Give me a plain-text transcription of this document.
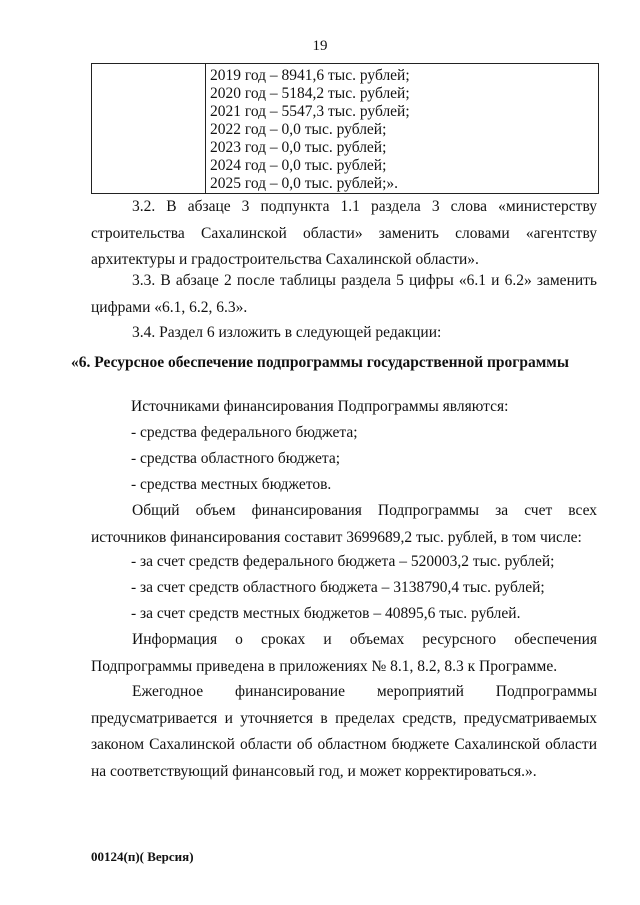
19

2019 год – 8941,6 тыс. рублей;
2020 год – 5184,2 тыс. рублей;
2021 год – 5547,3 тыс. рублей;
2022 год – 0,0 тыс. рублей;
2023 год – 0,0 тыс. рублей;
2024 год – 0,0 тыс. рублей;
2025 год – 0,0 тыс. рублей;».

3.2. В абзаце 3 подпункта 1.1 раздела 3 слова «министерству строительства Сахалинской области» заменить словами «агентству архитектуры и градостроительства Сахалинской области».

3.3. В абзаце 2 после таблицы раздела 5 цифры «6.1 и 6.2» заменить цифрами «6.1, 6.2, 6.3».

3.4. Раздел 6 изложить в следующей редакции:

«6. Ресурсное обеспечение подпрограммы государственной программы

Источниками финансирования Подпрограммы являются:

- средства федерального бюджета;

- средства областного бюджета;

- средства местных бюджетов.

Общий объем финансирования Подпрограммы за счет всех источников финансирования составит 3699689,2 тыс. рублей, в том числе:

- за счет средств федерального бюджета – 520003,2 тыс. рублей;

- за счет средств областного бюджета – 3138790,4 тыс. рублей;

- за счет средств местных бюджетов – 40895,6 тыс. рублей.

Информация о сроках и объемах ресурсного обеспечения Подпрограммы приведена в приложениях № 8.1, 8.2, 8.3 к Программе.

Ежегодное финансирование мероприятий Подпрограммы предусматривается и уточняется в пределах средств, предусматриваемых законом Сахалинской области об областном бюджете Сахалинской области на соответствующий финансовый год, и может корректироваться.».

00124(п)( Версия)
